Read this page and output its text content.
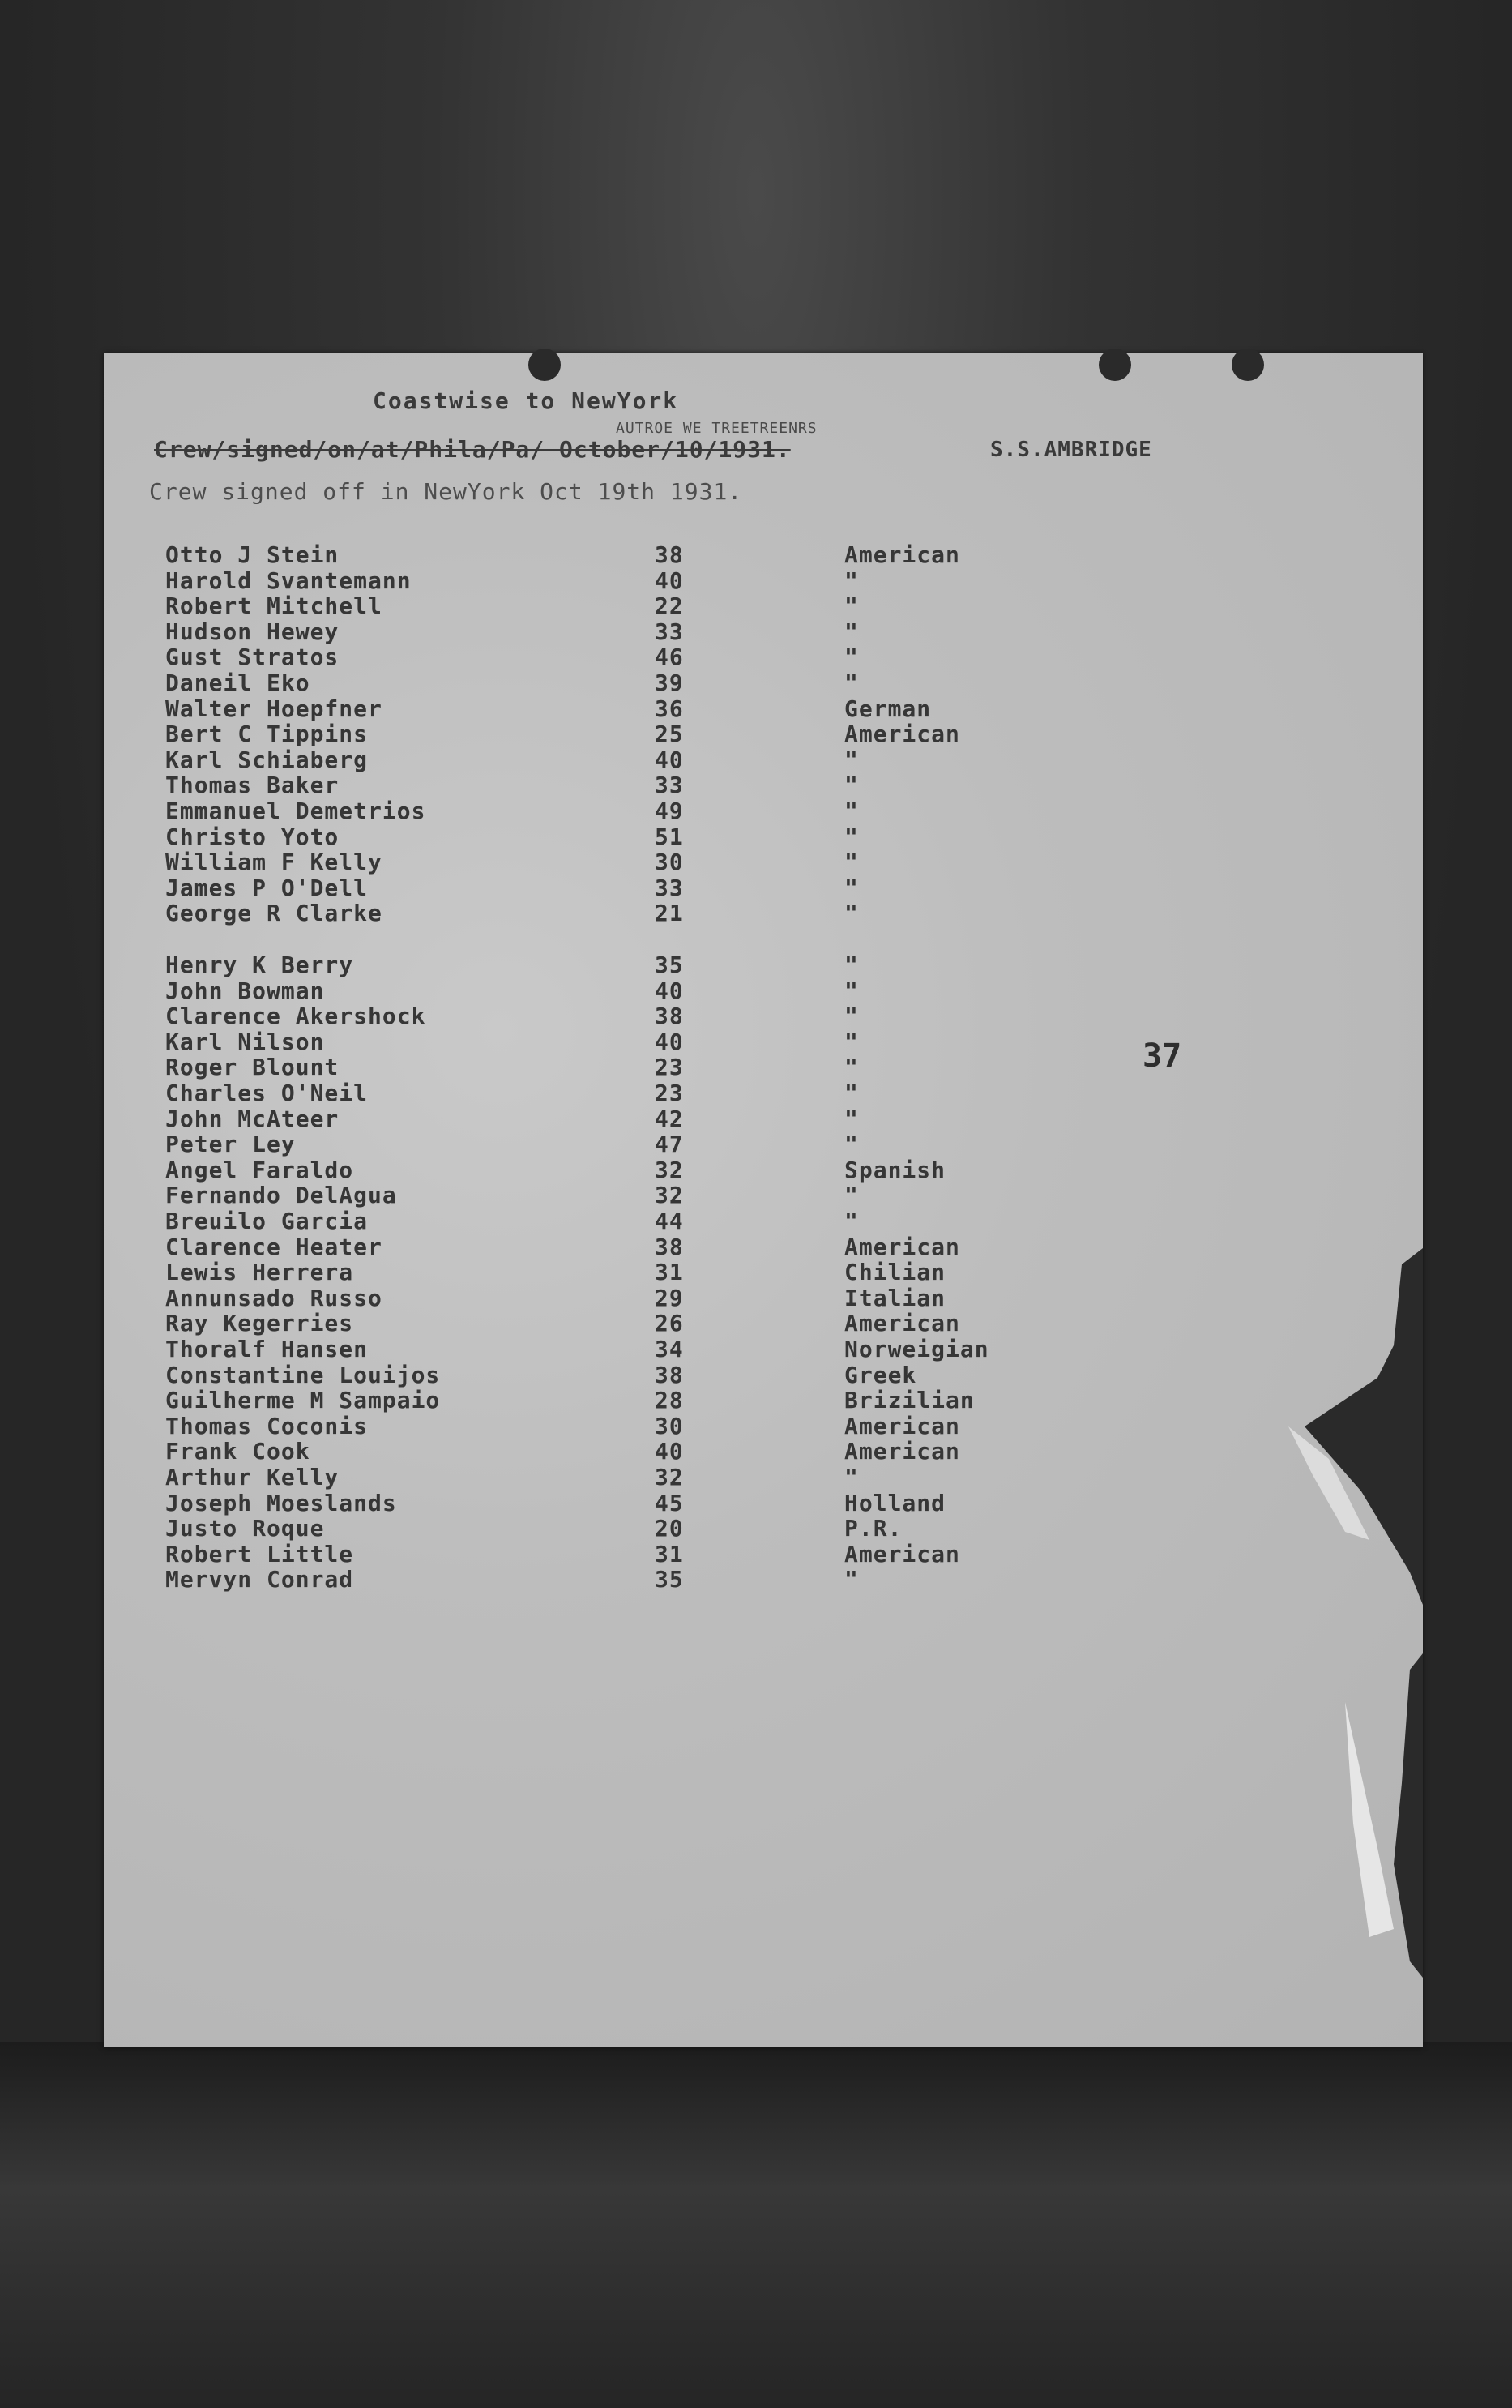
Coastwise to NewYork
AUTROE WE TREETREENRS
Crew/signed/on/at/Phila/Pa/ October/10/1931.	S.S.AMBRIDGE
Crew signed off in NewYork Oct 19th 1931.
Otto J Stein	38	American
Harold Svantemann	40	"
Robert Mitchell	22	"
Hudson Hewey	33	"
Gust Stratos	46	"
Daneil Eko	39	"
Walter Hoepfner	36	German
Bert C Tippins	25	American
Karl Schiaberg	40	"
Thomas Baker	33	"
Emmanuel Demetrios	49	"
Christo Yoto	51	"
William F Kelly	30	"
James P O'Dell	33	"
George R Clarke	21	"
Henry K Berry	35	"
John Bowman	40	"
Clarence Akershock	38	"
Karl Nilson	40	"
Roger Blount	23	"
Charles O'Neil	23	"
John McAteer	42	"
Peter Ley	47	"
Angel Faraldo	32	Spanish
Fernando DelAgua	32	"
Breuilo Garcia	44	"
Clarence Heater	38	American
Lewis Herrera	31	Chilian
Annunsado Russo	29	Italian
Ray Kegerries	26	American
Thoralf Hansen	34	Norweigian
Constantine Louijos	38	Greek
Guilherme M Sampaio	28	Brizilian
Thomas Coconis	30	American
Frank Cook	40	American
Arthur Kelly	32	"
Joseph Moeslands	45	Holland
Justo Roque	20	P.R.
Robert Little	31	American
Mervyn Conrad	35	"
37
